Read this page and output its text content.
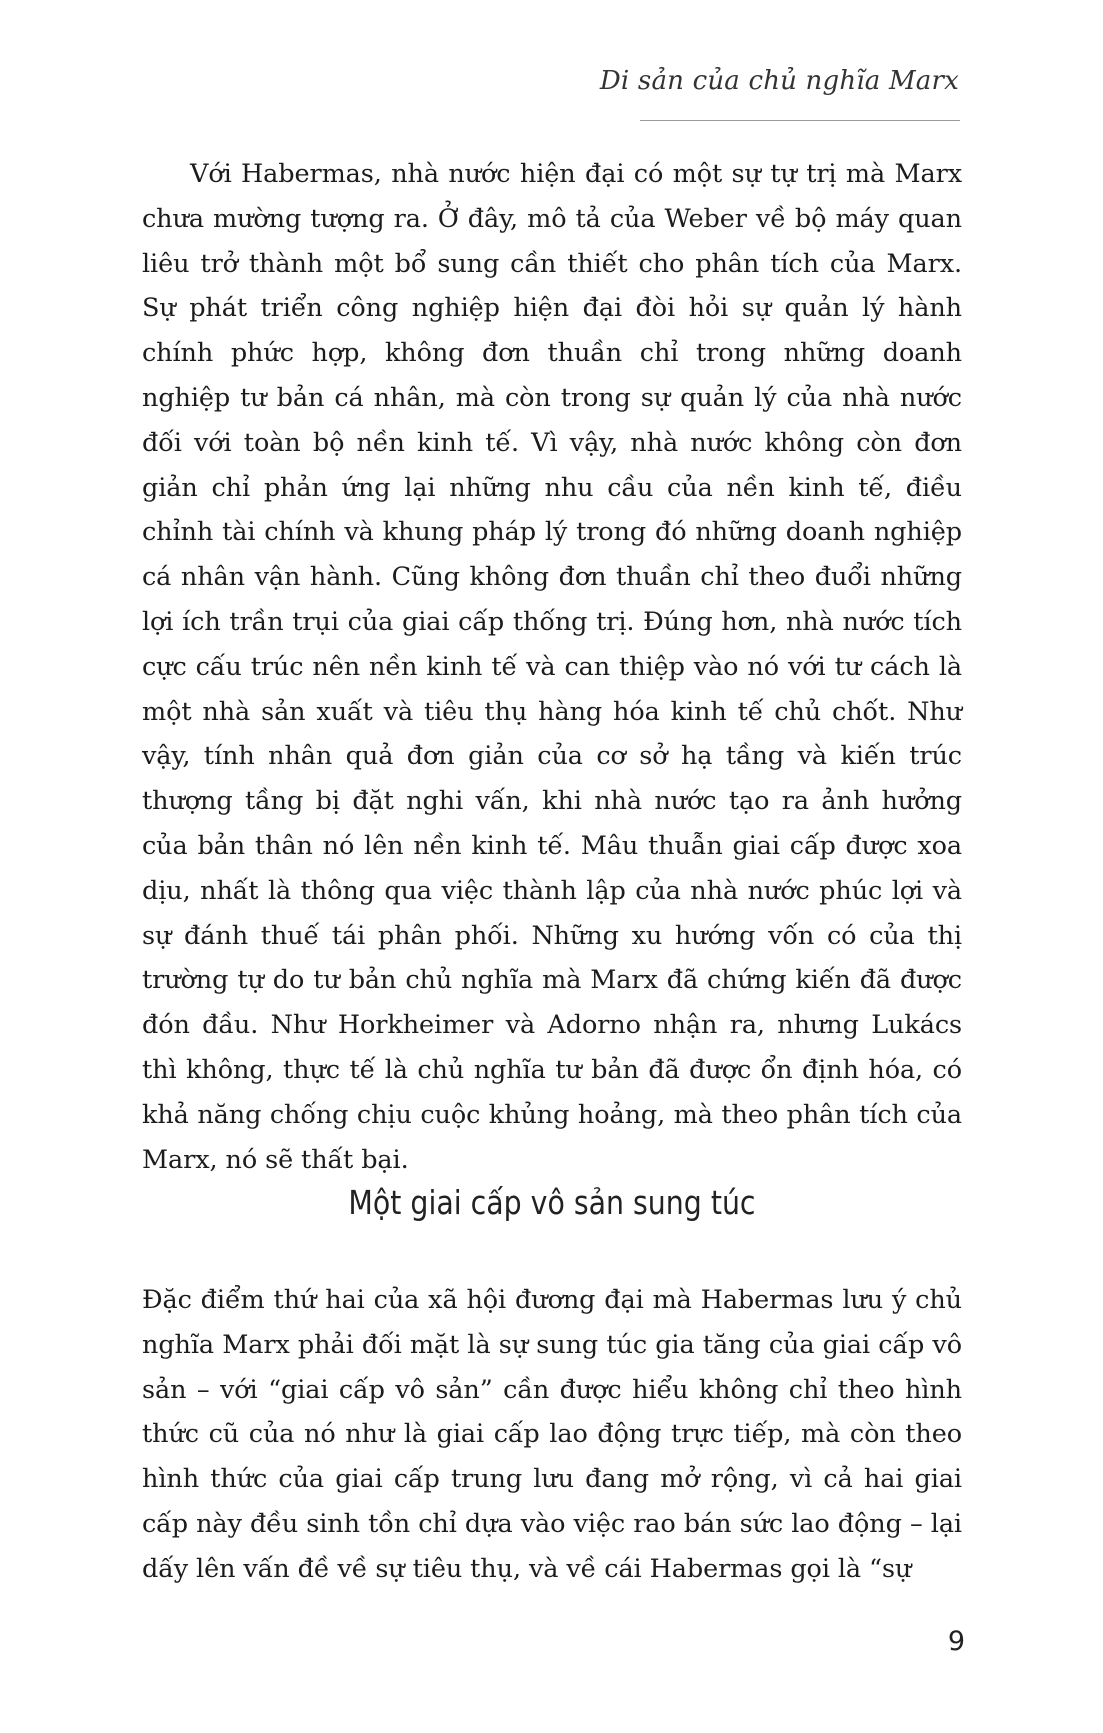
Di sản của chủ nghĩa Marx

Với Habermas, nhà nước hiện đại có một sự tự trị mà Marx chưa mường tượng ra. Ở đây, mô tả của Weber về bộ máy quan liêu trở thành một bổ sung cần thiết cho phân tích của Marx. Sự phát triển công nghiệp hiện đại đòi hỏi sự quản lý hành chính phức hợp, không đơn thuần chỉ trong những doanh nghiệp tư bản cá nhân, mà còn trong sự quản lý của nhà nước đối với toàn bộ nền kinh tế. Vì vậy, nhà nước không còn đơn giản chỉ phản ứng lại những nhu cầu của nền kinh tế, điều chỉnh tài chính và khung pháp lý trong đó những doanh nghiệp cá nhân vận hành. Cũng không đơn thuần chỉ theo đuổi những lợi ích trần trụi của giai cấp thống trị. Đúng hơn, nhà nước tích cực cấu trúc nên nền kinh tế và can thiệp vào nó với tư cách là một nhà sản xuất và tiêu thụ hàng hóa kinh tế chủ chốt. Như vậy, tính nhân quả đơn giản của cơ sở hạ tầng và kiến trúc thượng tầng bị đặt nghi vấn, khi nhà nước tạo ra ảnh hưởng của bản thân nó lên nền kinh tế. Mâu thuẫn giai cấp được xoa dịu, nhất là thông qua việc thành lập của nhà nước phúc lợi và sự đánh thuế tái phân phối. Những xu hướng vốn có của thị trường tự do tư bản chủ nghĩa mà Marx đã chứng kiến đã được đón đầu. Như Horkheimer và Adorno nhận ra, nhưng Lukács thì không, thực tế là chủ nghĩa tư bản đã được ổn định hóa, có khả năng chống chịu cuộc khủng hoảng, mà theo phân tích của Marx, nó sẽ thất bại.

Một giai cấp vô sản sung túc

Đặc điểm thứ hai của xã hội đương đại mà Habermas lưu ý chủ nghĩa Marx phải đối mặt là sự sung túc gia tăng của giai cấp vô sản – với “giai cấp vô sản” cần được hiểu không chỉ theo hình thức cũ của nó như là giai cấp lao động trực tiếp, mà còn theo hình thức của giai cấp trung lưu đang mở rộng, vì cả hai giai cấp này đều sinh tồn chỉ dựa vào việc rao bán sức lao động – lại dấy lên vấn đề về sự tiêu thụ, và về cái Habermas gọi là “sự

9
